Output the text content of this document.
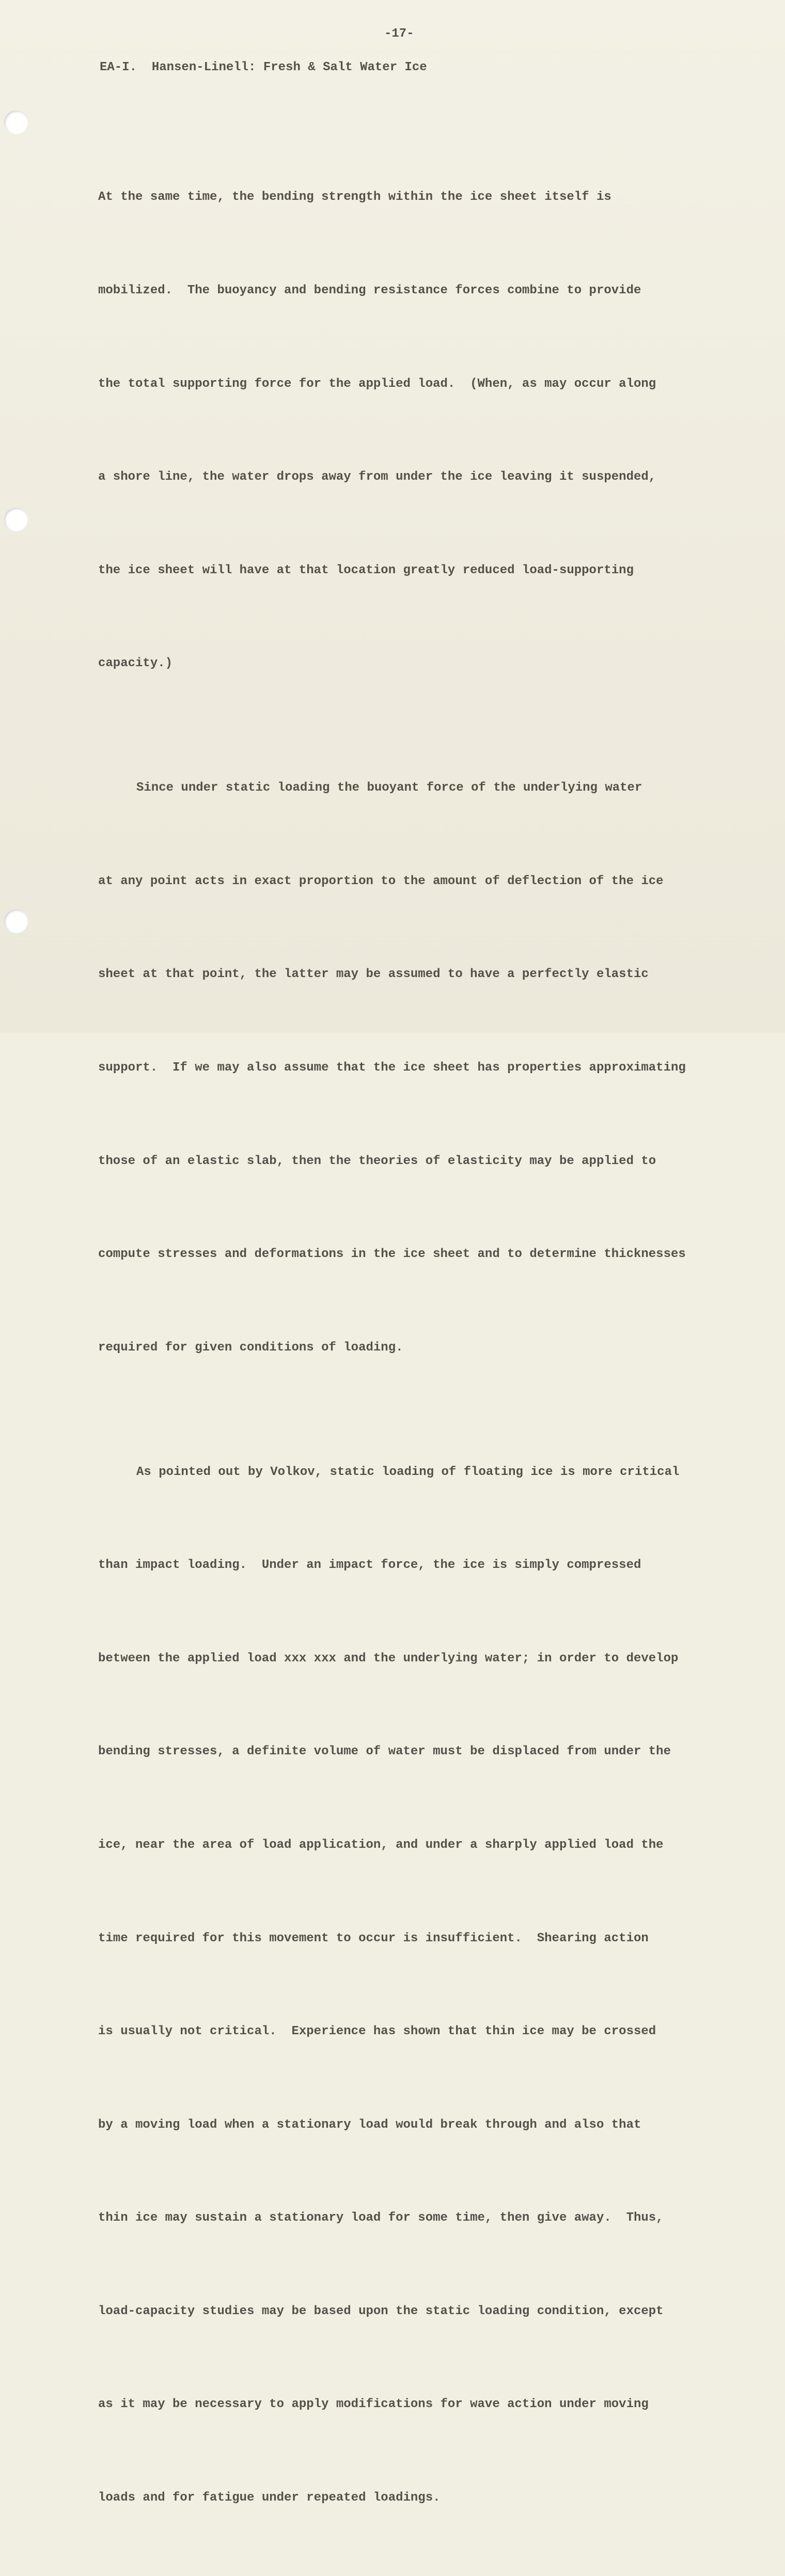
-17-
EA-I.  Hansen-Linell: Fresh & Salt Water Ice

At the same time, the bending strength within the ice sheet itself is

mobilized.  The buoyancy and bending resistance forces combine to provide

the total supporting force for the applied load.  (When, as may occur along

a shore line, the water drops away from under the ice leaving it suspended,

the ice sheet will have at that location greatly reduced load-supporting

capacity.)

Since under static loading the buoyant force of the underlying water

at any point acts in exact proportion to the amount of deflection of the ice

sheet at that point, the latter may be assumed to have a perfectly elastic

support.  If we may also assume that the ice sheet has properties approximating

those of an elastic slab, then the theories of elasticity may be applied to

compute stresses and deformations in the ice sheet and to determine thicknesses

required for given conditions of loading.

As pointed out by Volkov, static loading of floating ice is more critical

than impact loading.  Under an impact force, the ice is simply compressed

between the applied load xxx xxx and the underlying water; in order to develop

bending stresses, a definite volume of water must be displaced from under the

ice, near the area of load application, and under a sharply applied load the

time required for this movement to occur is insufficient.  Shearing action

is usually not critical.  Experience has shown that thin ice may be crossed

by a moving load when a stationary load would break through and also that

thin ice may sustain a stationary load for some time, then give away.  Thus,

load-capacity studies may be based upon the static loading condition, except

as it may be necessary to apply modifications for wave action under moving

loads and for fatigue under repeated loadings.
